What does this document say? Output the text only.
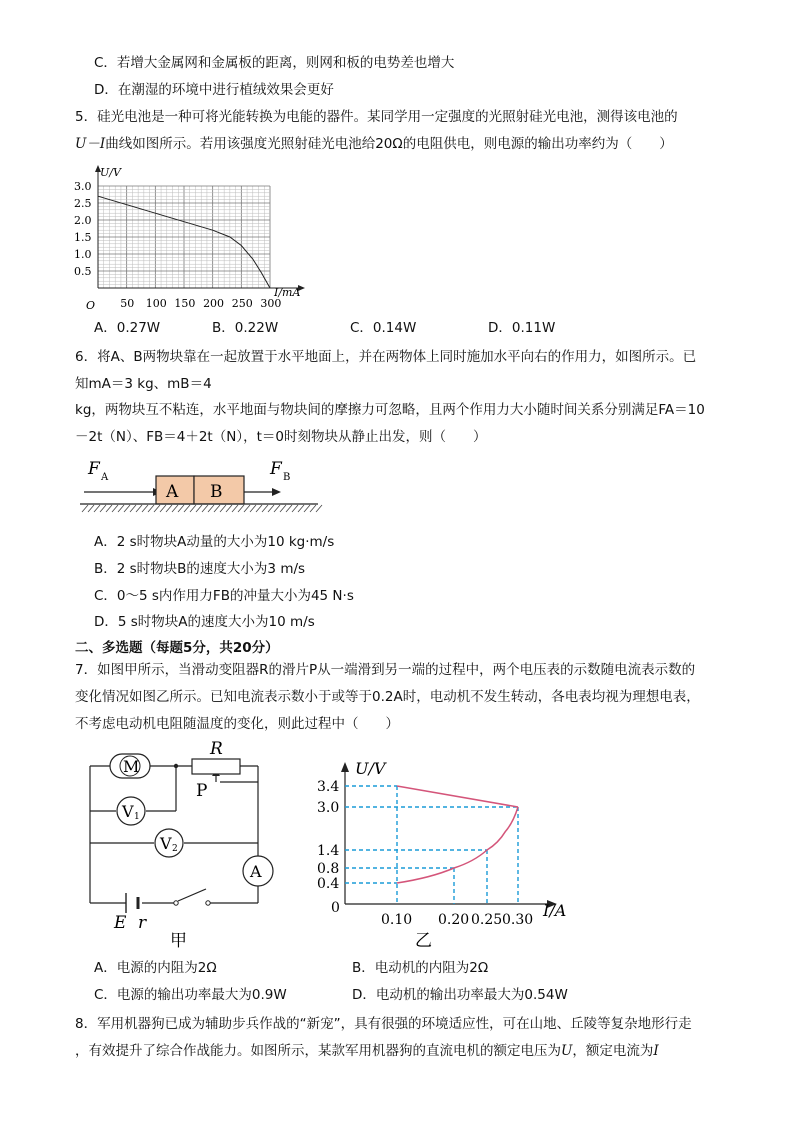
C．若增大金属网和金属板的距离，则网和板的电势差也增大
D．在潮湿的环境中进行植绒效果会更好
5．硅光电池是一种可将光能转换为电能的器件。某同学用一定强度的光照射硅光电池，测得该电池的
U－I曲线如图所示。若用该强度光照射硅光电池给20Ω的电阻供电，则电源的输出功率约为（　　）
50 100 150 200 250 300
0.5
1.0
1.5
2.0
2.5
3.0
U/V
I/mA
O
A．0.27W	B．0.22W	C．0.14W	D．0.11W
6．将A、B两物块靠在一起放置于水平地面上，并在两物体上同时施加水平向右的作用力，如图所示。已
知mA＝3 kg、mB＝4
kg，两物块互不粘连，水平地面与物块间的摩擦力可忽略，且两个作用力大小随时间关系分别满足FA＝10
－2t（N）、FB＝4＋2t（N），t＝0时刻物块从静止出发，则（　　）
F A
A B
F B
A．2 s时物块A动量的大小为10 kg·m/s
B．2 s时物块B的速度大小为3 m/s
C．0～5 s内作用力FB的冲量大小为45 N·s
D．5 s时物块A的速度大小为10 m/s
二、多选题（每题5分，共20分）
7．如图甲所示，当滑动变阻器R的滑片P从一端滑到另一端的过程中，两个电压表的示数随电流表示数的
变化情况如图乙所示。已知电流表示数小于或等于0.2A时，电动机不发生转动，各电表均视为理想电表，
不考虑电动机电阻随温度的变化，则此过程中（　　）
M
V 1
V 2
A
R
P
E r
甲
0.10 0.20 0.25 0.30
0.4
0.8
1.4
3.0
3.4
U/V
I/A
0
乙
A．电源的内阻为2Ω	B．电动机的内阻为2Ω
C．电源的输出功率最大为0.9W	D．电动机的输出功率最大为0.54W
8．军用机器狗已成为辅助步兵作战的“新宠”，具有很强的环境适应性，可在山地、丘陵等复杂地形行走
，有效提升了综合作战能力。如图所示，某款军用机器狗的直流电机的额定电压为U，额定电流为I
